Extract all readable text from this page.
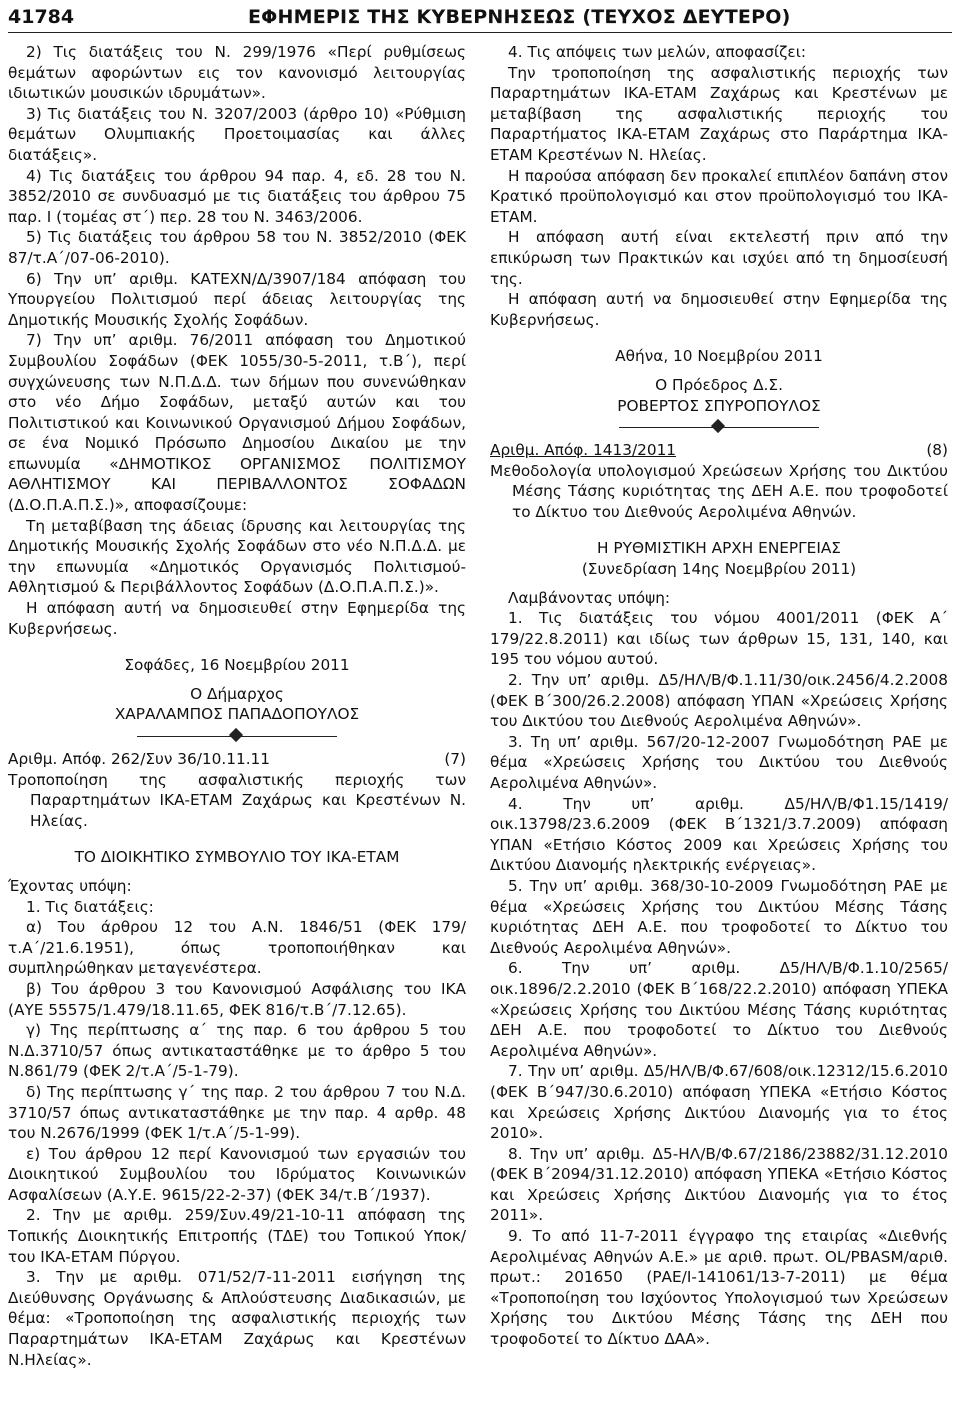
41784	ΕΦΗΜΕΡΙΣ ΤΗΣ ΚΥΒΕΡΝΗΣΕΩΣ (ΤΕΥΧΟΣ ΔΕΥΤΕΡΟ)

2) Τις διατάξεις του Ν. 299/1976 «Περί ρυθμίσεως θεμάτων αφορώντων εις τον κανονισμό λειτουργίας ιδιωτικών μουσικών ιδρυμάτων».

3) Τις διατάξεις του Ν. 3207/2003 (άρθρο 10) «Ρύθμιση θεμάτων Ολυμπιακής Προετοιμασίας και άλλες διατάξεις».

4) Τις διατάξεις του άρθρου 94 παρ. 4, εδ. 28 του Ν. 3852/2010 σε συνδυασμό με τις διατάξεις του άρθρου 75 παρ. Ι (τομέας στ΄) περ. 28 του Ν. 3463/2006.

5) Τις διατάξεις του άρθρου 58 του Ν. 3852/2010 (ΦΕΚ 87/τ.Α΄/07-06-2010).

6) Την υπ’ αριθμ. ΚΑΤΕΧΝ/Δ/3907/184 απόφαση του Υπουργείου Πολιτισμού περί άδειας λειτουργίας της Δημοτικής Μουσικής Σχολής Σοφάδων.

7) Την υπ’ αριθμ. 76/2011 απόφαση του Δημοτικού Συμβουλίου Σοφάδων (ΦΕΚ 1055/30-5-2011, τ.Β΄), περί συγχώνευσης των Ν.Π.Δ.Δ. των δήμων που συνενώθηκαν στο νέο Δήμο Σοφάδων, μεταξύ αυτών και του Πολιτιστικού και Κοινωνικού Οργανισμού Δήμου Σοφάδων, σε ένα Νομικό Πρόσωπο Δημοσίου Δικαίου με την επωνυμία «ΔΗΜΟΤΙΚΟΣ ΟΡΓΑΝΙΣΜΟΣ ΠΟΛΙΤΙΣΜΟΥ ΑΘΛΗΤΙΣΜΟΥ ΚΑΙ ΠΕΡΙΒΑΛΛΟΝΤΟΣ ΣΟΦΑΔΩΝ (Δ.Ο.Π.Α.Π.Σ.)», αποφασίζουμε:

Τη μεταβίβαση της άδειας ίδρυσης και λειτουργίας της Δημοτικής Μουσικής Σχολής Σοφάδων στο νέο Ν.Π.Δ.Δ. με την επωνυμία «Δημοτικός Οργανισμός Πολιτισμού-Αθλητισμού & Περιβάλλοντος Σοφάδων (Δ.Ο.Π.Α.Π.Σ.)».

Η απόφαση αυτή να δημοσιευθεί στην Εφημερίδα της Κυβερνήσεως.

Σοφάδες, 16 Νοεμβρίου 2011

Ο Δήμαρχος

ΧΑΡΑΛΑΜΠΟΣ ΠΑΠΑΔΟΠΟΥΛΟΣ

Αριθμ. Απόφ. 262/Συν 36/10.11.11	(7)

Τροποποίηση της ασφαλιστικής περιοχής των Παραρτημάτων ΙΚΑ-ΕΤΑΜ Ζαχάρως και Κρεστένων Ν. Ηλείας.

ΤΟ ΔΙΟΙΚΗΤΙΚΟ ΣΥΜΒΟΥΛΙΟ ΤΟΥ ΙΚΑ-ΕΤΑΜ

Έχοντας υπόψη:

1. Τις διατάξεις:

α) Του άρθρου 12 του Α.Ν. 1846/51 (ΦΕΚ 179/τ.Α΄/21.6.1951), όπως τροποποιήθηκαν και συμπληρώθηκαν μεταγενέστερα.

β) Του άρθρου 3 του Κανονισμού Ασφάλισης του ΙΚΑ (ΑΥΕ 55575/1.479/18.11.65, ΦΕΚ 816/τ.Β΄/7.12.65).

γ) Της περίπτωσης α΄ της παρ. 6 του άρθρου 5 του Ν.Δ.3710/57 όπως αντικαταστάθηκε με το άρθρο 5 του Ν.861/79 (ΦΕΚ 2/τ.Α΄/5-1-79).

δ) Της περίπτωσης γ΄ της παρ. 2 του άρθρου 7 του Ν.Δ. 3710/57 όπως αντικαταστάθηκε με την παρ. 4 αρθρ. 48 του Ν.2676/1999 (ΦΕΚ 1/τ.Α΄/5-1-99).

ε) Του άρθρου 12 περί Κανονισμού των εργασιών του Διοικητικού Συμβουλίου του Ιδρύματος Κοινωνικών Ασφαλίσεων (Α.Υ.Ε. 9615/22-2-37) (ΦΕΚ 34/τ.Β΄/1937).

2. Την με αριθμ. 259/Συν.49/21-10-11 απόφαση της Τοπικής Διοικητικής Επιτροπής (ΤΔΕ) του Τοπικού Υποκ/του ΙΚΑ-ΕΤΑΜ Πύργου.

3. Την με αριθμ. 071/52/7-11-2011 εισήγηση της Διεύθυνσης Οργάνωσης & Απλούστευσης Διαδικασιών, με θέμα: «Τροποποίηση της ασφαλιστικής περιοχής των Παραρτημάτων ΙΚΑ-ΕΤΑΜ Ζαχάρως και Κρεστένων Ν.Ηλείας».

4. Τις απόψεις των μελών, αποφασίζει:

Την τροποποίηση της ασφαλιστικής περιοχής των Παραρτημάτων ΙΚΑ-ΕΤΑΜ Ζαχάρως και Κρεστένων με μεταβίβαση της ασφαλιστικής περιοχής του Παραρτήματος ΙΚΑ-ΕΤΑΜ Ζαχάρως στο Παράρτημα ΙΚΑ-ΕΤΑΜ Κρεστένων Ν. Ηλείας.

Η παρούσα απόφαση δεν προκαλεί επιπλέον δαπάνη στον Κρατικό προϋπολογισμό και στον προϋπολογισμό του ΙΚΑ-ΕΤΑΜ.

Η απόφαση αυτή είναι εκτελεστή πριν από την επικύρωση των Πρακτικών και ισχύει από τη δημοσίευσή της.

Η απόφαση αυτή να δημοσιευθεί στην Εφημερίδα της Κυβερνήσεως.

Αθήνα, 10 Νοεμβρίου 2011

Ο Πρόεδρος Δ.Σ.

ΡΟΒΕΡΤΟΣ ΣΠΥΡΟΠΟΥΛΟΣ

Αριθμ. Απόφ. 1413/2011	(8)

Μεθοδολογία υπολογισμού Χρεώσεων Χρήσης του Δικτύου Μέσης Τάσης κυριότητας της ΔΕΗ Α.Ε. που τροφοδοτεί το Δίκτυο του Διεθνούς Αερολιμένα Αθηνών.

Η ΡΥΘΜΙΣΤΙΚΗ ΑΡΧΗ ΕΝΕΡΓΕΙΑΣ

(Συνεδρίαση 14ης Νοεμβρίου 2011)

Λαμβάνοντας υπόψη:

1. Τις διατάξεις του νόμου 4001/2011 (ΦΕΚ Α΄ 179/22.8.2011) και ιδίως των άρθρων 15, 131, 140, και 195 του νόμου αυτού.

2. Την υπ’ αριθμ. Δ5/ΗΛ/Β/Φ.1.11/30/οικ.2456/4.2.2008 (ΦΕΚ Β΄300/26.2.2008) απόφαση ΥΠΑΝ «Χρεώσεις Χρήσης του Δικτύου του Διεθνούς Αερολιμένα Αθηνών».

3. Τη υπ’ αριθμ. 567/20-12-2007 Γνωμοδότηση ΡΑΕ με θέμα «Χρεώσεις Χρήσης του Δικτύου του Διεθνούς Αερολιμένα Αθηνών».

4. Την υπ’ αριθμ. Δ5/ΗΛ/Β/Φ1.15/1419/οικ.13798/23.6.2009 (ΦΕΚ Β΄1321/3.7.2009) απόφαση ΥΠΑΝ «Ετήσιο Κόστος 2009 και Χρεώσεις Χρήσης του Δικτύου Διανομής ηλεκτρικής ενέργειας».

5. Την υπ’ αριθμ. 368/30-10-2009 Γνωμοδότηση ΡΑΕ με θέμα «Χρεώσεις Χρήσης του Δικτύου Μέσης Τάσης κυριότητας ΔΕΗ Α.Ε. που τροφοδοτεί το Δίκτυο του Διεθνούς Αερολιμένα Αθηνών».

6. Την υπ’ αριθμ. Δ5/ΗΛ/Β/Φ.1.10/2565/οικ.1896/2.2.2010 (ΦΕΚ Β΄168/22.2.2010) απόφαση ΥΠΕΚΑ «Χρεώσεις Χρήσης του Δικτύου Μέσης Τάσης κυριότητας ΔΕΗ Α.Ε. που τροφοδοτεί το Δίκτυο του Διεθνούς Αερολιμένα Αθηνών».

7. Την υπ’ αριθμ. Δ5/ΗΛ/Β/Φ.67/608/οικ.12312/15.6.2010 (ΦΕΚ Β΄947/30.6.2010) απόφαση ΥΠΕΚΑ «Ετήσιο Κόστος και Χρεώσεις Χρήσης Δικτύου Διανομής για το έτος 2010».

8. Την υπ’ αριθμ. Δ5-ΗΛ/Β/Φ.67/2186/23882/31.12.2010 (ΦΕΚ Β΄2094/31.12.2010) απόφαση ΥΠΕΚΑ «Ετήσιο Κόστος και Χρεώσεις Χρήσης Δικτύου Διανομής για το έτος 2011».

9. Το από 11-7-2011 έγγραφο της εταιρίας «Διεθνής Αερολιμένας Αθηνών Α.Ε.» με αριθ. πρωτ. OL/PBASM/αριθ. πρωτ.: 201650 (ΡΑΕ/Ι-141061/13-7-2011) με θέμα «Τροποποίηση του Ισχύοντος Υπολογισμού των Χρεώσεων Χρήσης του Δικτύου Μέσης Τάσης της ΔΕΗ που τροφοδοτεί το Δίκτυο ΔΑΑ».
